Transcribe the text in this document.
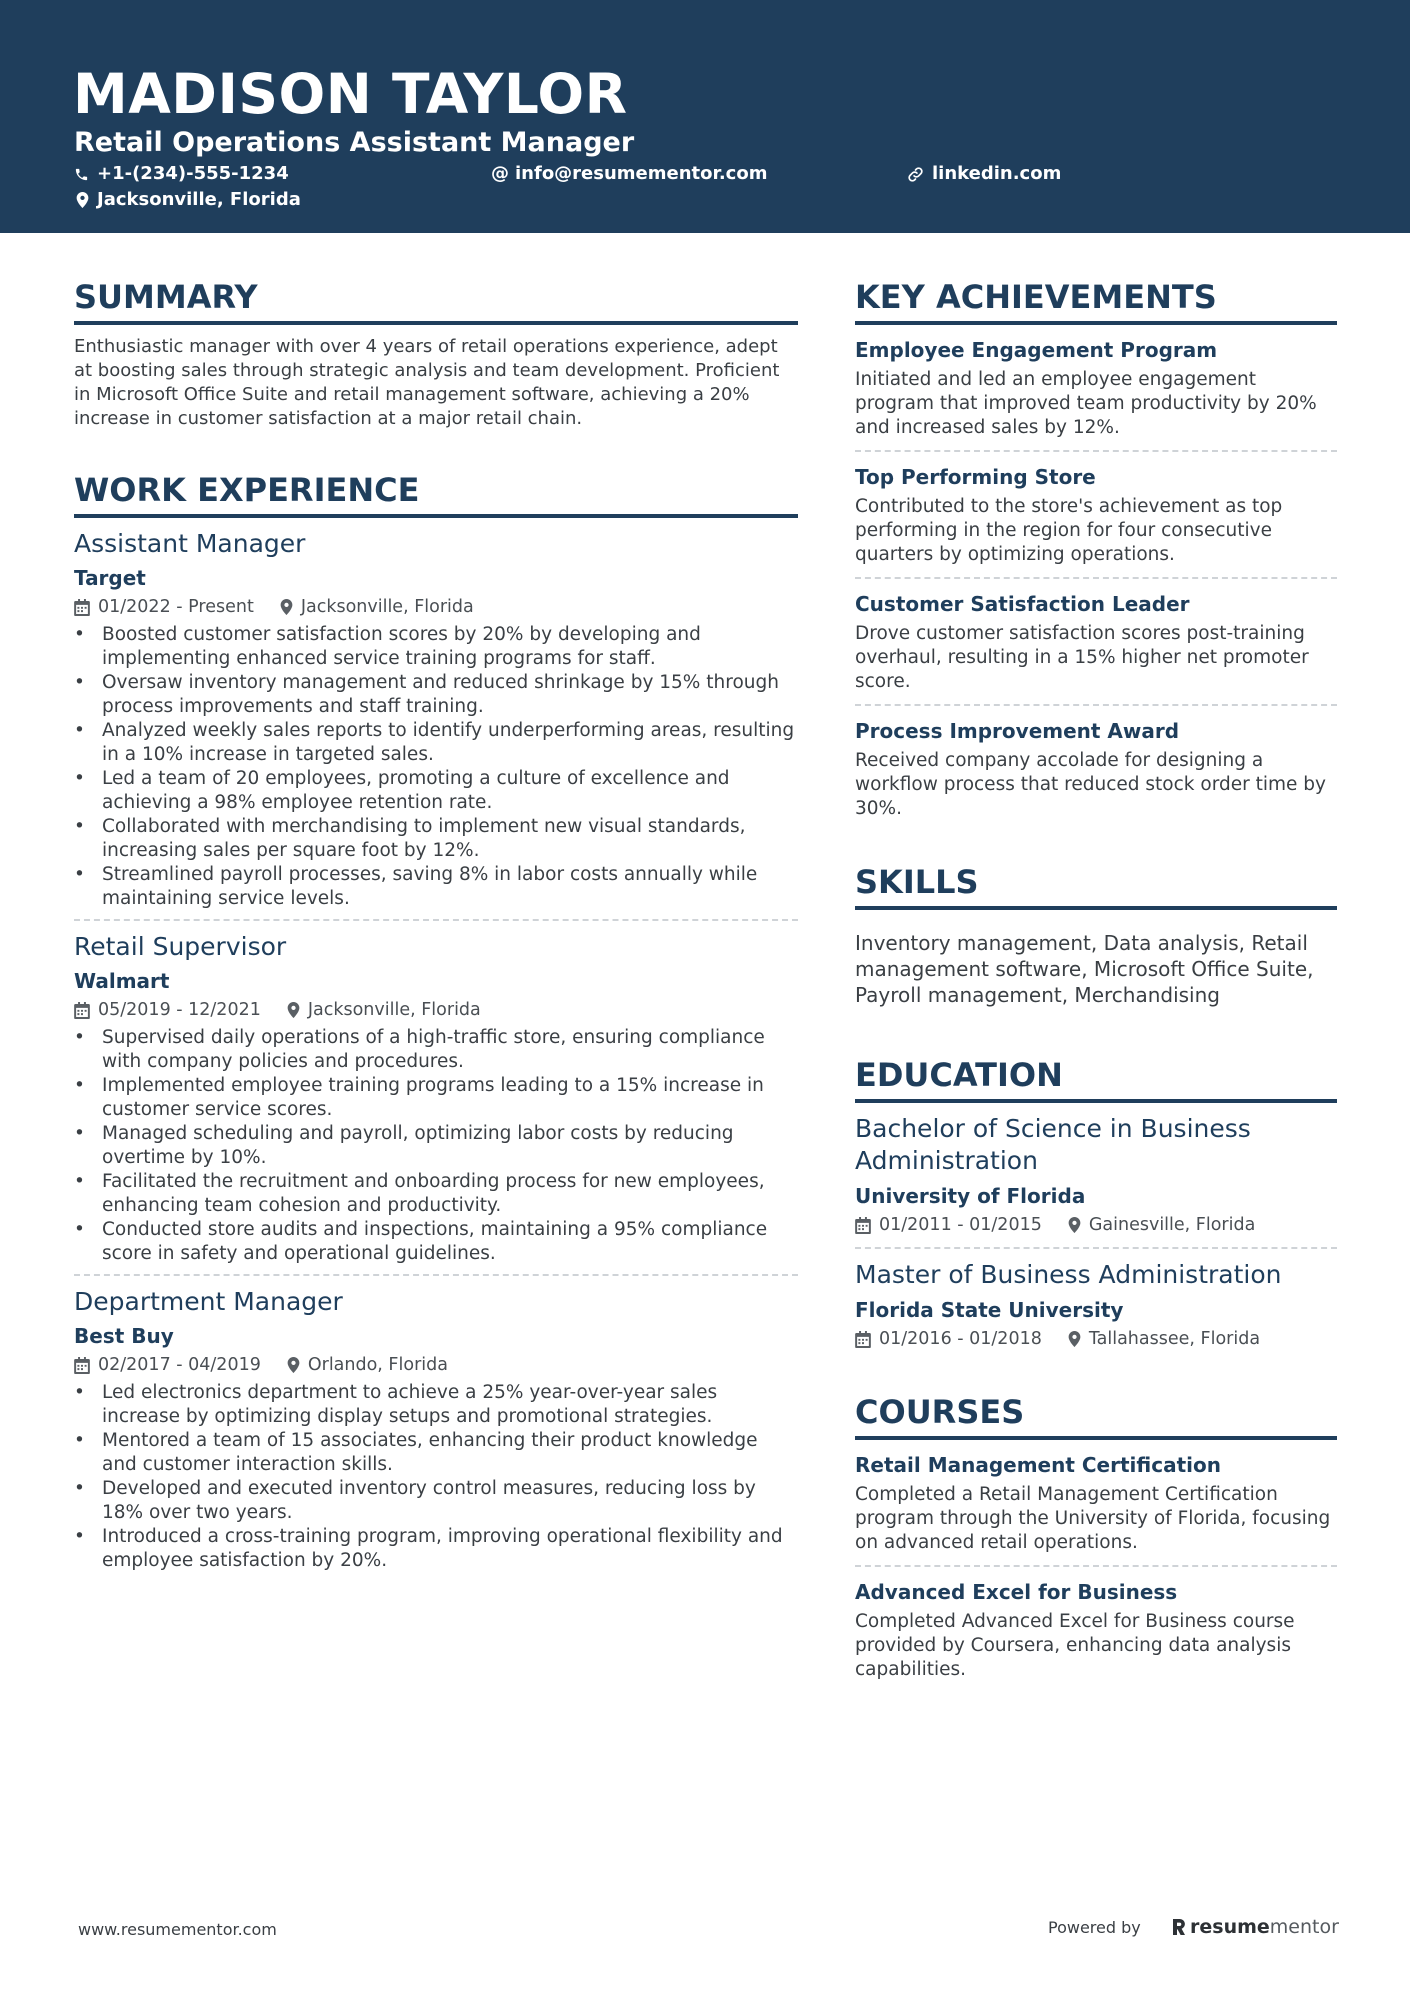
MADISON TAYLOR
Retail Operations Assistant Manager
+1-(234)-555-1234	@ info@resumementor.com	linkedin.com
Jacksonville, Florida
SUMMARY

Enthusiastic manager with over 4 years of retail operations experience, adept at boosting sales through strategic analysis and team development. Proficient in Microsoft Office Suite and retail management software, achieving a 20% increase in customer satisfaction at a major retail chain.

WORK EXPERIENCE
Assistant Manager
Target
01/2022 - Present	Jacksonville, Florida
• Boosted customer satisfaction scores by 20% by developing and implementing enhanced service training programs for staff.
• Oversaw inventory management and reduced shrinkage by 15% through process improvements and staff training.
• Analyzed weekly sales reports to identify underperforming areas, resulting in a 10% increase in targeted sales.
• Led a team of 20 employees, promoting a culture of excellence and achieving a 98% employee retention rate.
• Collaborated with merchandising to implement new visual standards, increasing sales per square foot by 12%.
• Streamlined payroll processes, saving 8% in labor costs annually while maintaining service levels.
Retail Supervisor
Walmart
05/2019 - 12/2021	Jacksonville, Florida
• Supervised daily operations of a high-traffic store, ensuring compliance with company policies and procedures.
• Implemented employee training programs leading to a 15% increase in customer service scores.
• Managed scheduling and payroll, optimizing labor costs by reducing overtime by 10%.
• Facilitated the recruitment and onboarding process for new employees, enhancing team cohesion and productivity.
• Conducted store audits and inspections, maintaining a 95% compliance score in safety and operational guidelines.
Department Manager
Best Buy
02/2017 - 04/2019	Orlando, Florida
• Led electronics department to achieve a 25% year-over-year sales increase by optimizing display setups and promotional strategies.
• Mentored a team of 15 associates, enhancing their product knowledge and customer interaction skills.
• Developed and executed inventory control measures, reducing loss by 18% over two years.
• Introduced a cross-training program, improving operational flexibility and employee satisfaction by 20%.
KEY ACHIEVEMENTS
Employee Engagement Program
Initiated and led an employee engagement program that improved team productivity by 20% and increased sales by 12%.
Top Performing Store
Contributed to the store's achievement as top performing in the region for four consecutive quarters by optimizing operations.
Customer Satisfaction Leader
Drove customer satisfaction scores post-training overhaul, resulting in a 15% higher net promoter score.
Process Improvement Award
Received company accolade for designing a workflow process that reduced stock order time by 30%.
SKILLS

Inventory management, Data analysis, Retail management software, Microsoft Office Suite, Payroll management, Merchandising

EDUCATION
Bachelor of Science in Business Administration
University of Florida
01/2011 - 01/2015	Gainesville, Florida
Master of Business Administration
Florida State University
01/2016 - 01/2018	Tallahassee, Florida
COURSES
Retail Management Certification
Completed a Retail Management Certification program through the University of Florida, focusing on advanced retail operations.
Advanced Excel for Business
Completed Advanced Excel for Business course provided by Coursera, enhancing data analysis capabilities.
www.resumementor.com	Powered by	resume mentor
